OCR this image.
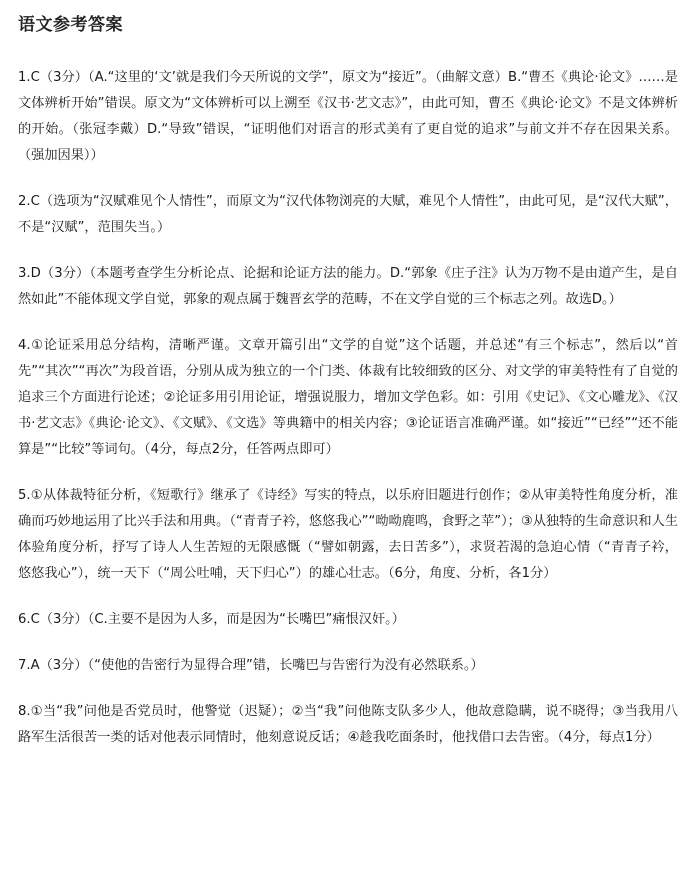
语文参考答案

1.C（3分）（A.“这里的‘文’就是我们今天所说的文学”，原文为“接近”。（曲解文意）B.“曹丕《典论·论文》……是文体辨析开始”错误。原文为“文体辨析可以上溯至《汉书·艺文志》”，由此可知，曹丕《典论·论文》不是文体辨析的开始。（张冠李戴）D.“导致”错误，“证明他们对语言的形式美有了更自觉的追求”与前文并不存在因果关系。（强加因果））

2.C（选项为“汉赋难见个人情性”，而原文为“汉代体物浏亮的大赋，难见个人情性”，由此可见，是“汉代大赋”，不是“汉赋”，范围失当。）

3.D（3分）（本题考查学生分析论点、论据和论证方法的能力。D.“郭象《庄子注》认为万物不是由道产生，是自然如此”不能体现文学自觉，郭象的观点属于魏晋玄学的范畴，不在文学自觉的三个标志之列。故选D。）

4.①论证采用总分结构，清晰严谨。文章开篇引出“文学的自觉”这个话题，并总述“有三个标志”，然后以“首先”“其次”“再次”为段首语，分别从成为独立的一个门类、体裁有比较细致的区分、对文学的审美特性有了自觉的追求三个方面进行论述；②论证多用引用论证，增强说服力，增加文学色彩。如：引用《史记》、《文心雕龙》、《汉书·艺文志》《典论·论文》、《文赋》、《文选》等典籍中的相关内容；③论证语言准确严谨。如“接近”“已经”“还不能算是”“比较”等词句。（4分，每点2分，任答两点即可）

5.①从体裁特征分析，《短歌行》继承了《诗经》写实的特点，以乐府旧题进行创作；②从审美特性角度分析，准确而巧妙地运用了比兴手法和用典。（“青青子衿，悠悠我心”“呦呦鹿鸣，食野之苹”）；③从独特的生命意识和人生体验角度分析，抒写了诗人人生苦短的无限感慨（“譬如朝露，去日苦多”），求贤若渴的急迫心情（“青青子衿，悠悠我心”），统一天下（“周公吐哺，天下归心”）的雄心壮志。（6分，角度、分析，各1分）

6.C（3分）（C.主要不是因为人多，而是因为“长嘴巴”痛恨汉奸。）

7.A（3分）（“使他的告密行为显得合理”错，长嘴巴与告密行为没有必然联系。）

8.①当“我”问他是否党员时，他警觉（迟疑）；②当“我”问他陈支队多少人，他故意隐瞒，说不晓得；③当我用八路军生活很苦一类的话对他表示同情时，他刻意说反话；④趁我吃面条时，他找借口去告密。（4分，每点1分）
